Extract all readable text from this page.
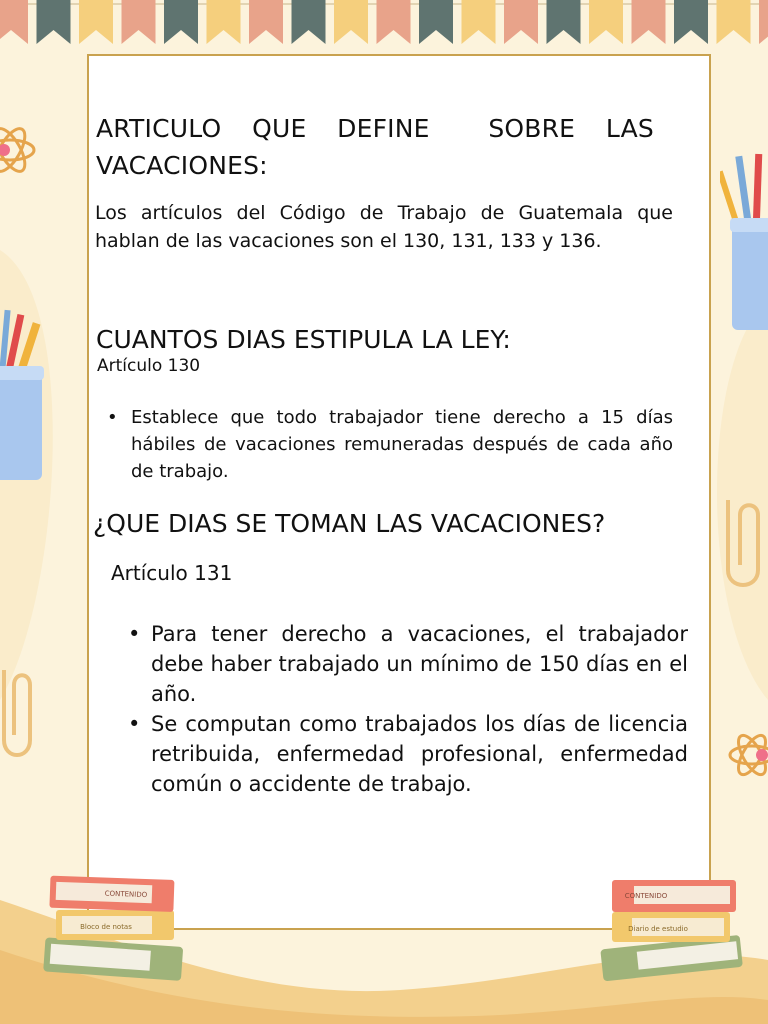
ARTICULO QUE DEFINE SOBRE LAS
VACACIONES:
Los artículos del Código de Trabajo de Guatemala que hablan de las vacaciones son el 130, 131, 133 y 136.
CUANTOS DIAS ESTIPULA LA LEY:
Artículo 130
• Establece que todo trabajador tiene derecho a 15 días hábiles de vacaciones remuneradas después de cada año de trabajo.
¿QUE DIAS SE TOMAN LAS VACACIONES?
Artículo 131
• Para tener derecho a vacaciones, el trabajador debe haber trabajado un mínimo de 150 días en el año.
• Se computan como trabajados los días de licencia retribuida, enfermedad profesional, enfermedad común o accidente de trabajo.
Bloco de notas
CONTENIDO
Diario de estudio
CONTENIDO
